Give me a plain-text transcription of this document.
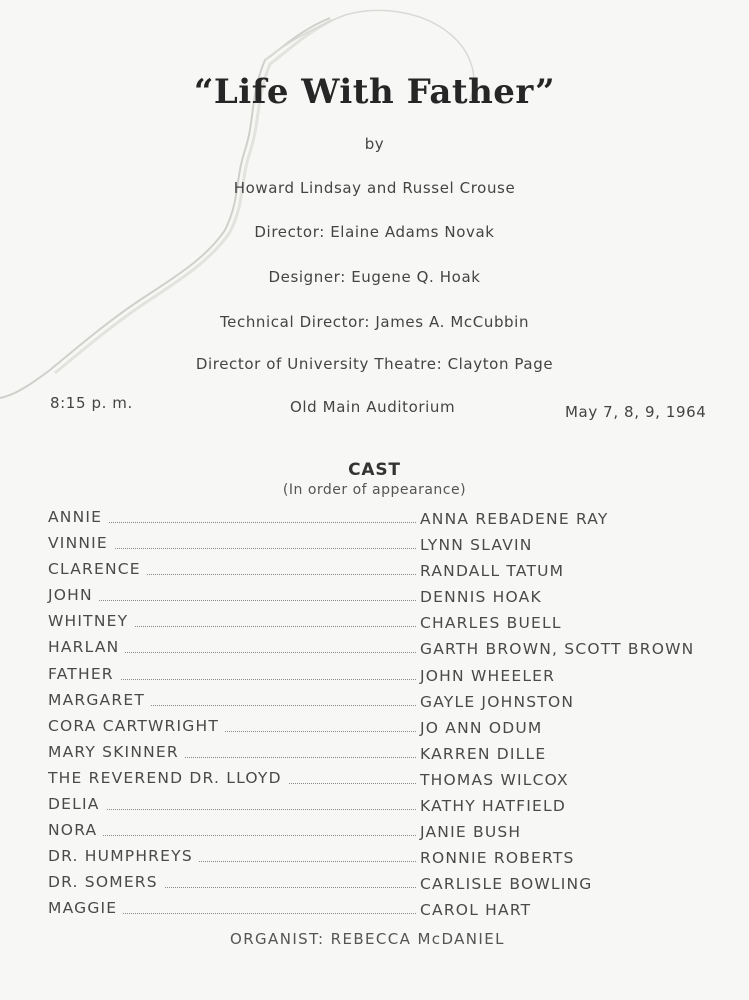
“Life With Father”
by
Howard Lindsay and Russel Crouse
Director: Elaine Adams Novak
Designer: Eugene Q. Hoak
Technical Director: James A. McCubbin
Director of University Theatre: Clayton Page
8:15 p. m.	Old Main Auditorium	May 7, 8, 9, 1964
CAST
(In order of appearance)
ANNIE	ANNA REBADENE RAY
VINNIE	LYNN SLAVIN
CLARENCE	RANDALL TATUM
JOHN	DENNIS HOAK
WHITNEY	CHARLES BUELL
HARLAN	GARTH BROWN, SCOTT BROWN
FATHER	JOHN WHEELER
MARGARET	GAYLE JOHNSTON
CORA CARTWRIGHT	JO ANN ODUM
MARY SKINNER	KARREN DILLE
THE REVEREND DR. LLOYD	THOMAS WILCOX
DELIA	KATHY HATFIELD
NORA	JANIE BUSH
DR. HUMPHREYS	RONNIE ROBERTS
DR. SOMERS	CARLISLE BOWLING
MAGGIE	CAROL HART
ORGANIST: REBECCA McDANIEL
